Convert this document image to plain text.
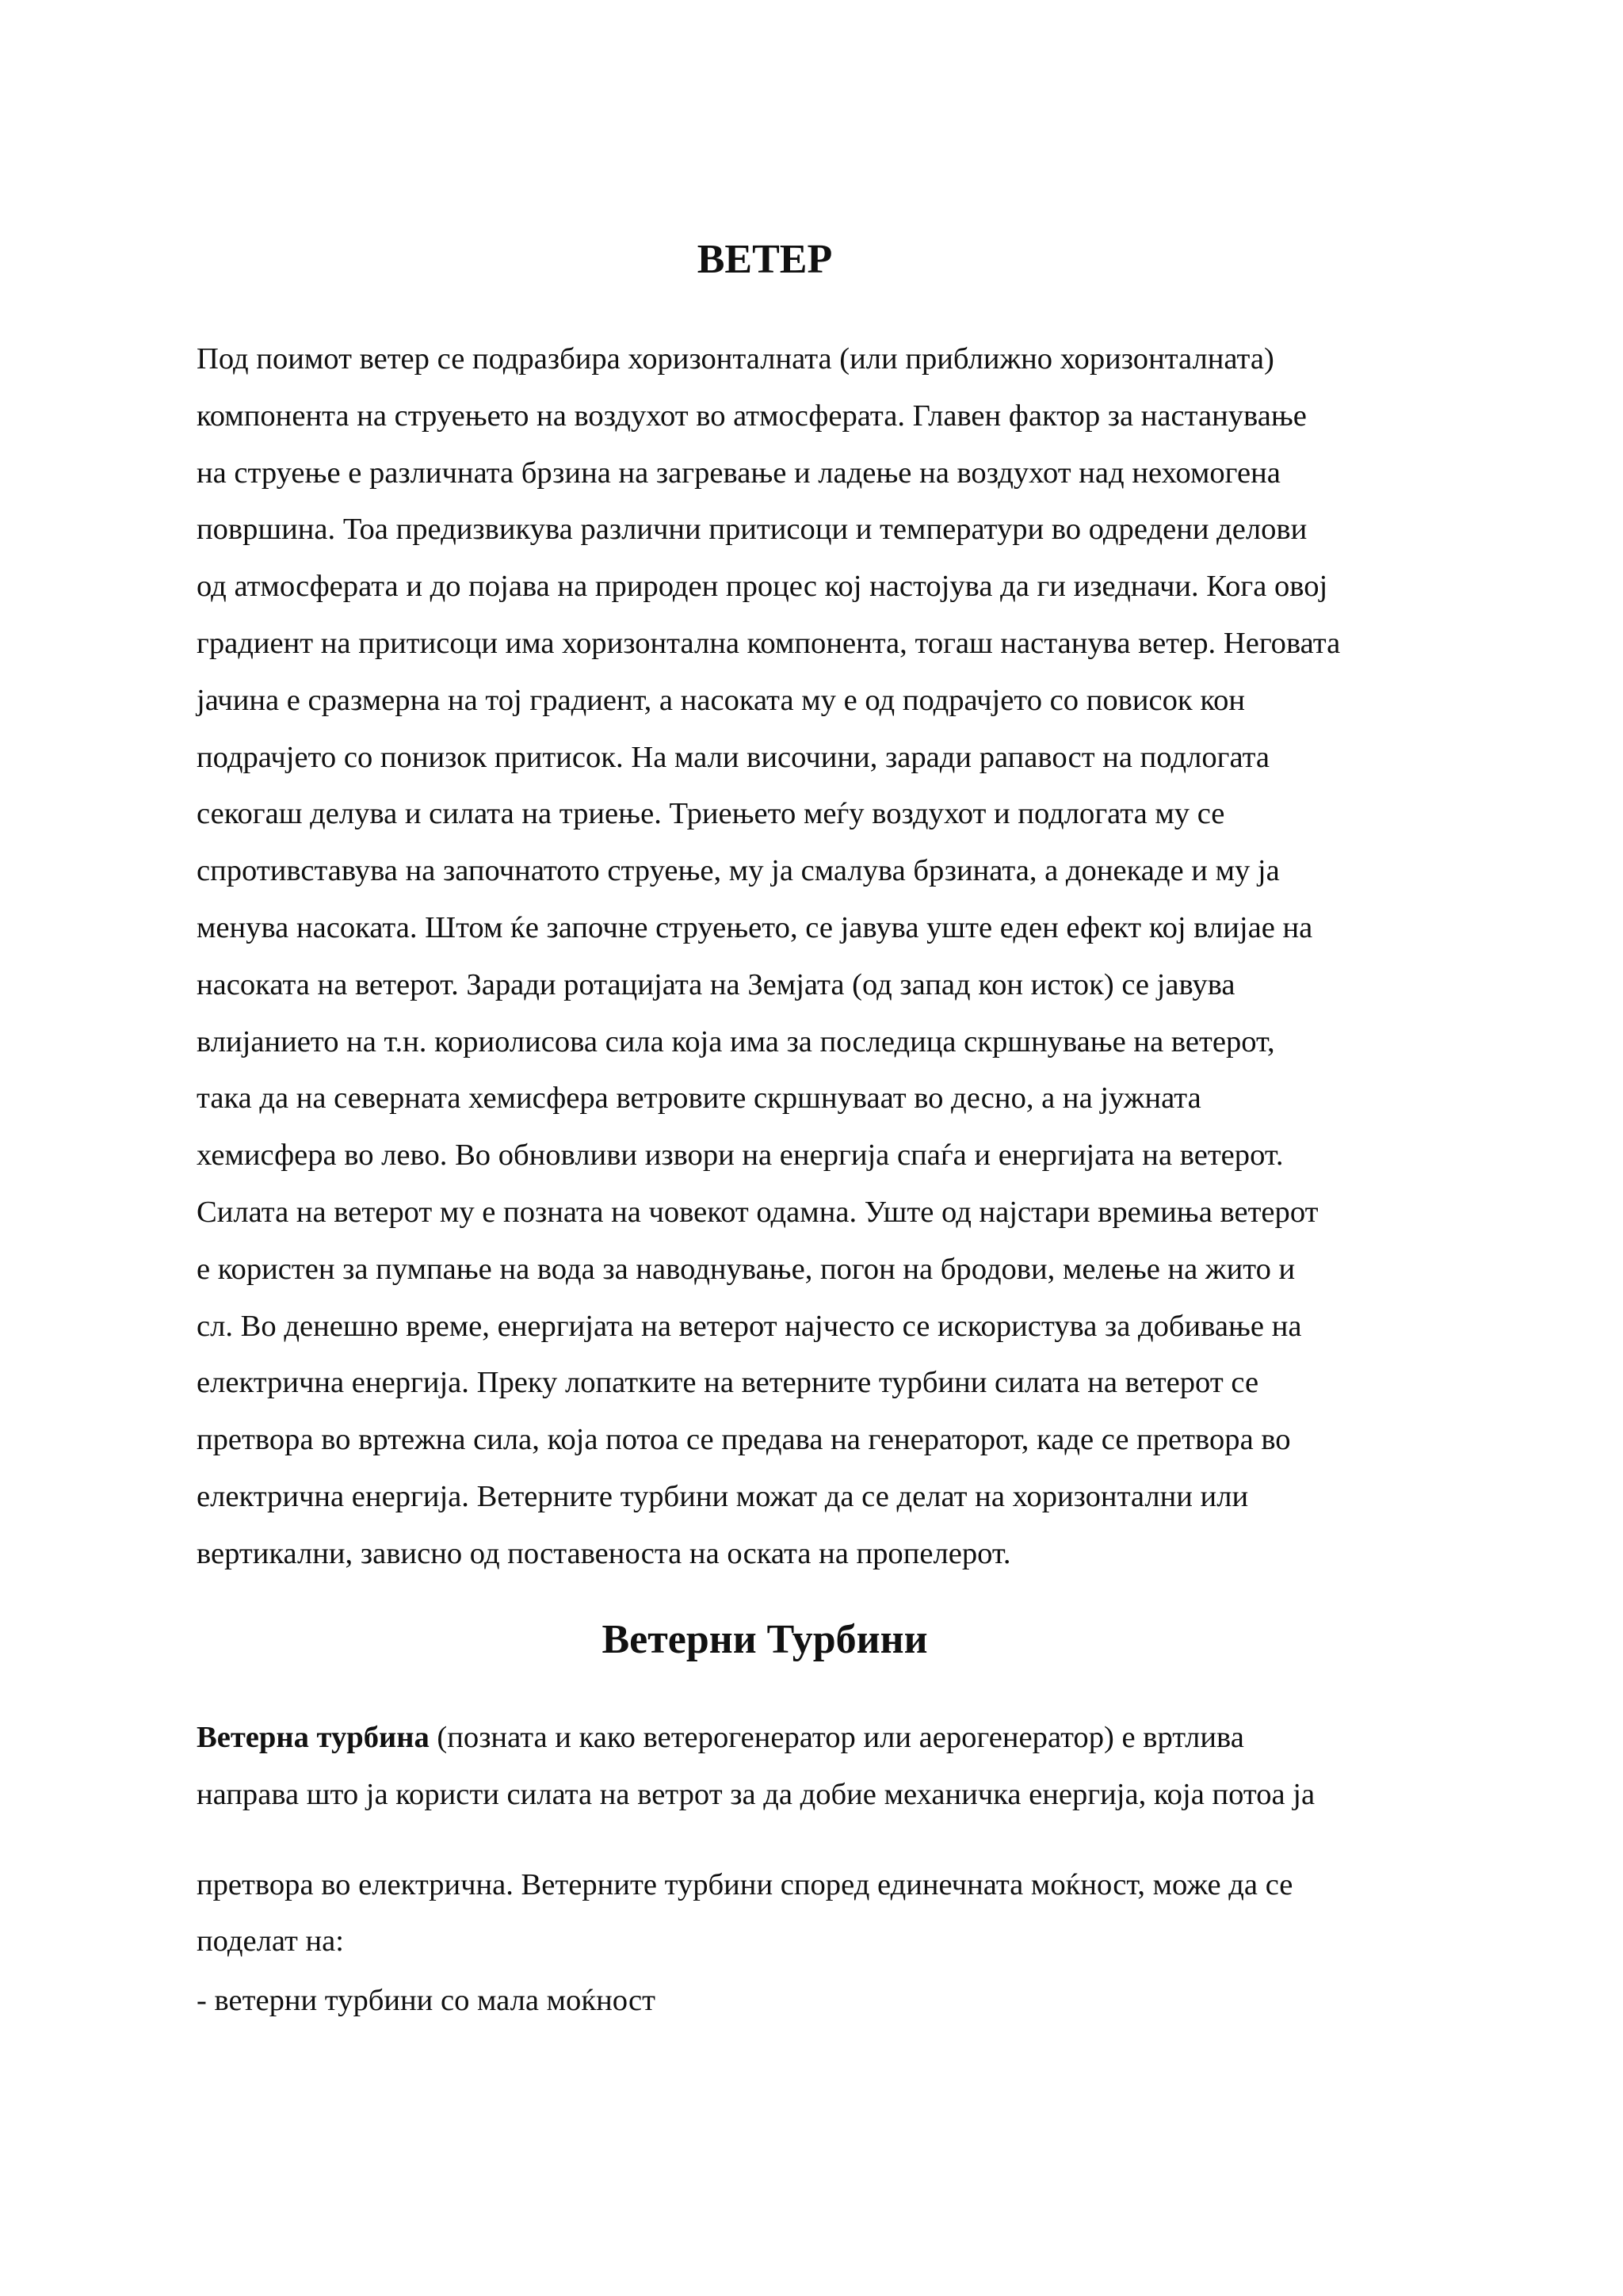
ВЕТЕР

Под поимот ветер се подразбира хоризонталната (или приближно хоризонталната)
компонента на струењето на воздухот во атмосферата. Главен фактор за настанување
на струење е различната брзина на загревање и ладење на воздухот над нехомогена
површина. Тоа предизвикува различни притисоци и температури во одредени делови
од атмосферата и до појава на природен процес кој настојува да ги изедначи. Кога овој
градиент на притисоци има хоризонтална компонента, тогаш настанува ветер. Неговата
јачина е сразмерна на тој градиент, а насоката му е од подрачјето со повисок кон
подрачјето со понизок притисок. На мали височини, заради рапавост на подлогата
секогаш делува и силата на триење. Триењето меѓу воздухот и подлогата му се
спротивставува на започнатото струење, му ја смалува брзината, а донекаде и му ја
менува насоката. Штом ќе започне струењето, се јавува уште еден ефект кој влијае на
насоката на ветерот. Заради ротацијата на Земјата (од запад кон исток) се јавува
влијанието на т.н. кориолисова сила која има за последица скршнување на ветерот,
така да на северната хемисфера ветровите скршнуваат во десно, а на јужната
хемисфера во лево. Во обновливи извори на енергија спаѓа и енергијата на ветерот.
Силата на ветерот му е позната на човекот одамна. Уште од најстари времиња ветерот
е користен за пумпање на вода за наводнување, погон на бродови, мелење на жито и
сл. Во денешно време, енергијата на ветерот најчесто се искористува за добивање на
електрична енергија. Преку лопатките на ветерните турбини силата на ветерот се
претвора во вртежна сила, која потоа се предава на генераторот, каде се претвора во
електрична енергија. Ветерните турбини можат да се делат на хоризонтални или
вертикални, зависно од поставеноста на оската на пропелерот.

Ветерни Турбини

Ветерна турбина (позната и како ветерогенератор или аерогенератор) е вртлива
направа што ја користи силата на ветрот за да добие механичка енергија, која потоа ја

претвора во електрична. Ветерните турбини според единечната моќност, може да се
поделат на:

- ветерни турбини со мала моќност
